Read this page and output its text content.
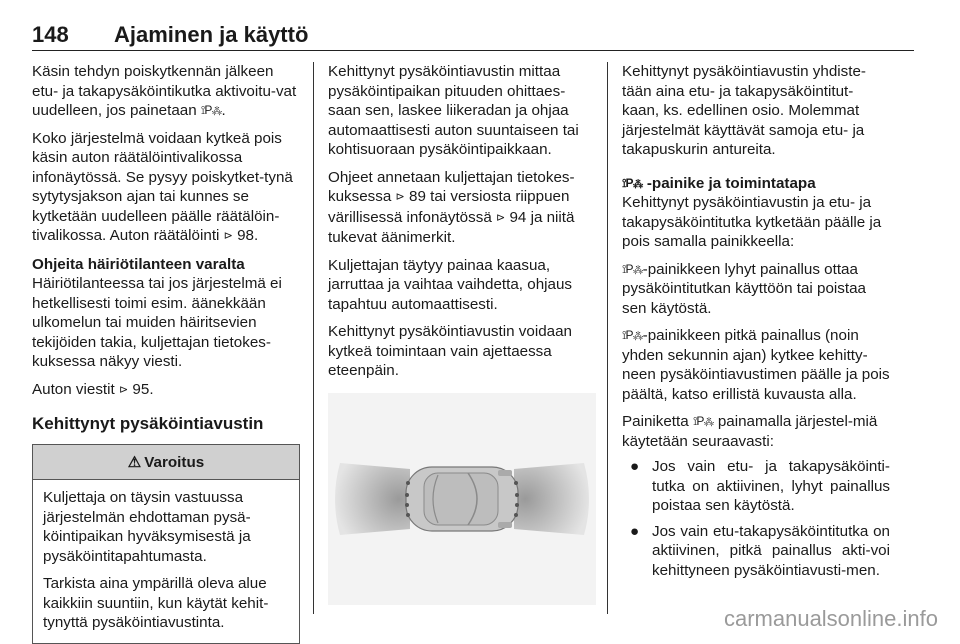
148 Ajaminen ja käyttö

Käsin tehdyn poiskytkennän jälkeen etu- ja takapysäköintikutka aktivoitu-vat uudelleen, jos painetaan ⟟P⁂.

Koko järjestelmä voidaan kytkeä pois käsin auton räätälöintivalikossa infonäytössä. Se pysyy poiskytket-tynä sytytysjakson ajan tai kunnes se kytketään uudelleen päälle räätälöin-tivalikossa. Auton räätälöinti ⊳ 98.

Ohjeita häiriötilanteen varalta

Häiriötilanteessa tai jos järjestelmä ei hetkellisesti toimi esim. äänekkään ulkomelun tai muiden häiritsevien tekijöiden takia, kuljettajan tietokes-kuksessa näkyy viesti.

Auton viestit ⊳ 95.

Kehittynyt pysäköintiavustin
⚠ Varoitus

Kuljettaja on täysin vastuussa järjestelmän ehdottaman pysä-köintipaikan hyväksymisestä ja pysäköintitapahtumasta.

Tarkista aina ympärillä oleva alue kaikkiin suuntiin, kun käytät kehit-tynyttä pysäköintiavustinta.

Kehittynyt pysäköintiavustin mittaa pysäköintipaikan pituuden ohittaes-saan sen, laskee liikeradan ja ohjaa automaattisesti auton suuntaiseen tai kohtisuoraan pysäköintipaikkaan.

Ohjeet annetaan kuljettajan tietokes-kuksessa ⊳ 89 tai versiosta riippuen värillisessä infonäytössä ⊳ 94 ja niitä tukevat äänimerkit.

Kuljettajan täytyy painaa kaasua, jarruttaa ja vaihtaa vaihdetta, ohjaus tapahtuu automaattisesti.

Kehittynyt pysäköintiavustin voidaan kytkeä toimintaan vain ajettaessa eteenpäin.

Kehittynyt pysäköintiavustin yhdiste-tään aina etu- ja takapysäköintitut-kaan, ks. edellinen osio. Molemmat järjestelmät käyttävät samoja etu- ja takapuskurin antureita.

⟟P⁂ -painike ja toimintatapa

Kehittynyt pysäköintiavustin ja etu- ja takapysäköintitutka kytketään päälle ja pois samalla painikkeella:

⟟P⁂-painikkeen lyhyt painallus ottaa pysäköintitutkan käyttöön tai poistaa sen käytöstä.

⟟P⁂-painikkeen pitkä painallus (noin yhden sekunnin ajan) kytkee kehitty-neen pysäköintiavustimen päälle ja pois päältä, katso erillistä kuvausta alla.

Painiketta ⟟P⁂ painamalla järjestel-miä käytetään seuraavasti:

● Jos vain etu- ja takapysäköinti-tutka on aktiivinen, lyhyt painallus poistaa sen käytöstä.
● Jos vain etu-takapysäköintitutka on aktiivinen, pitkä painallus akti-voi kehittyneen pysäköintiavusti-men.
carmanualsonline.info
